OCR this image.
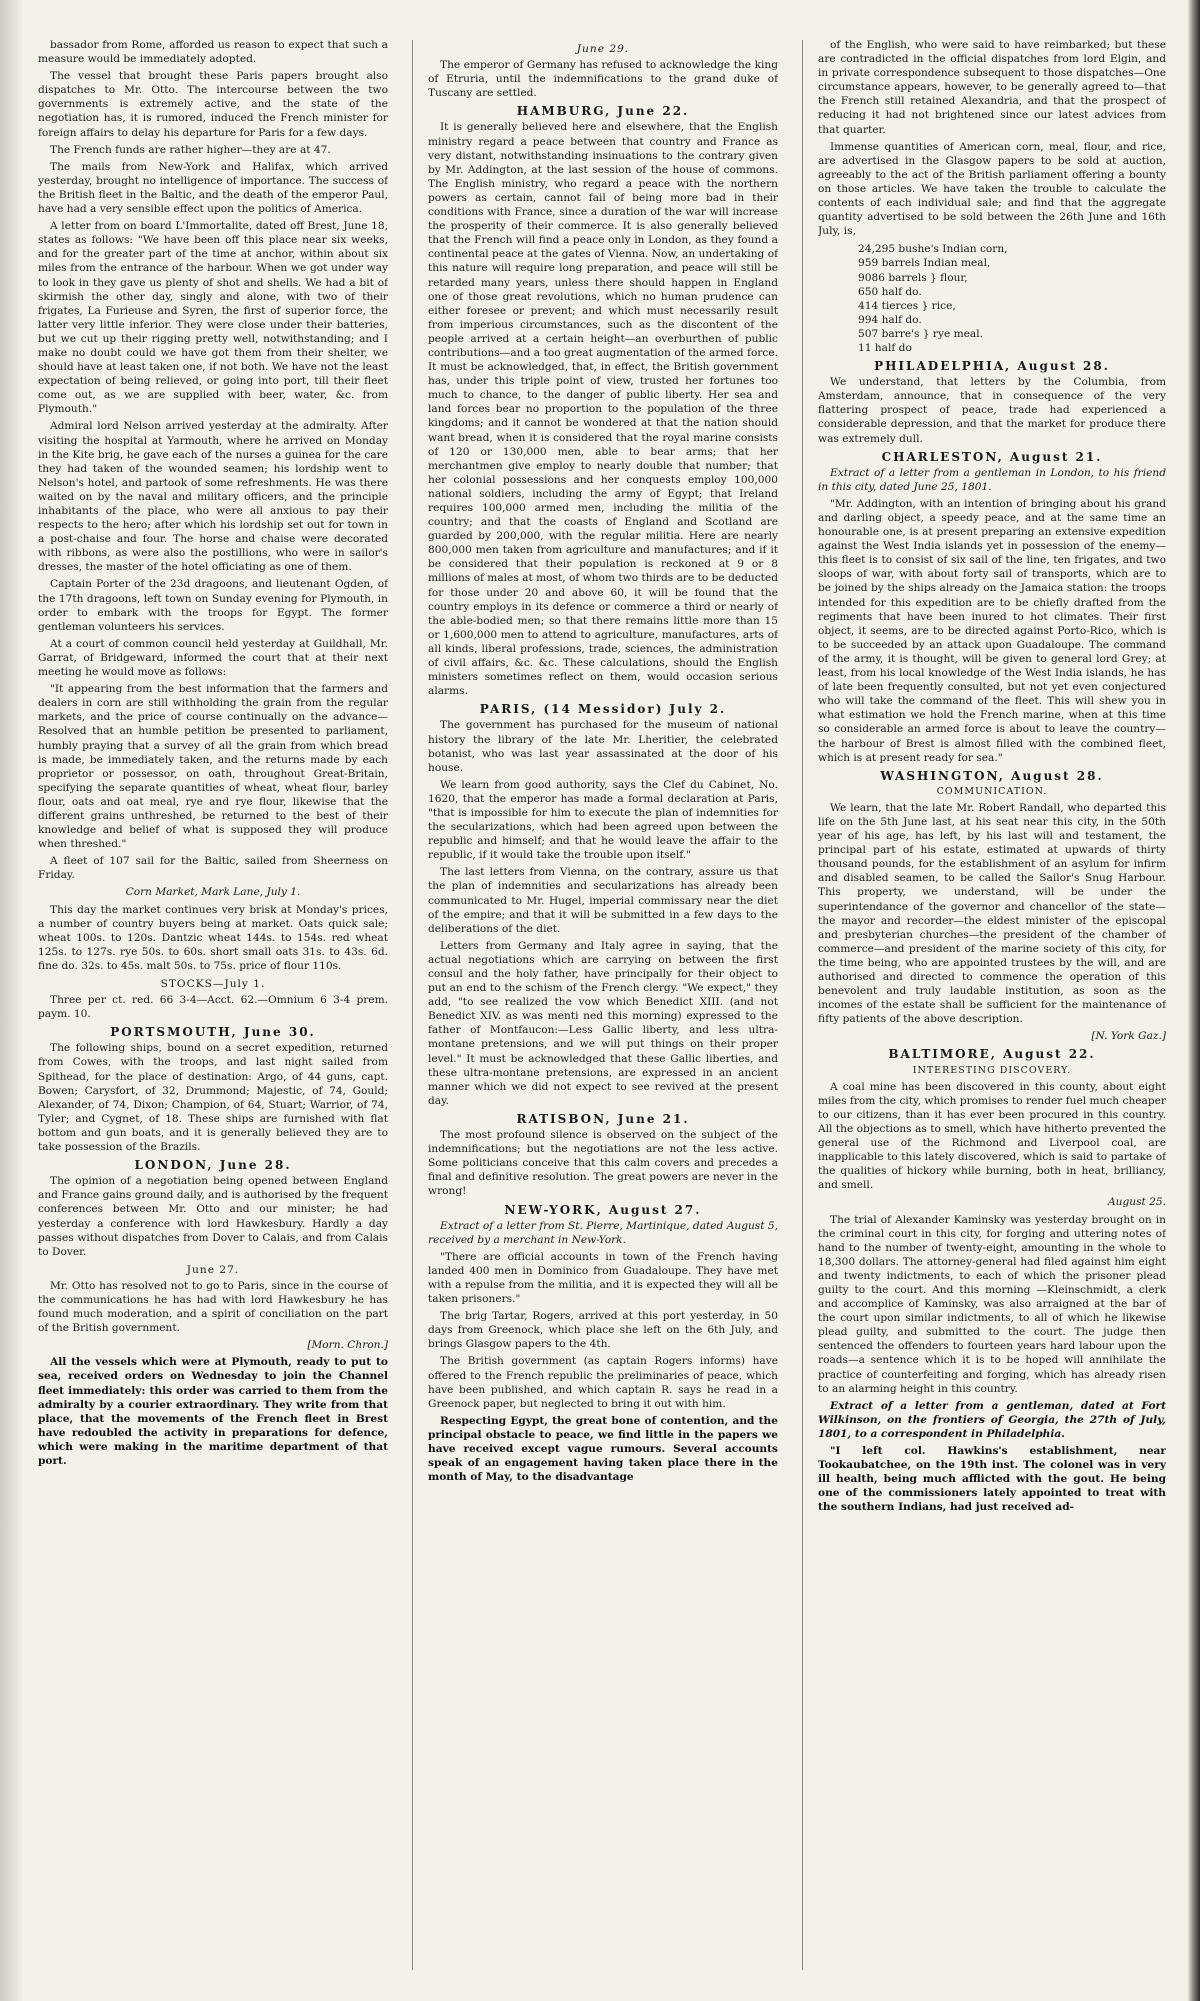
bassador from Rome, afforded us reason to expect that such a measure would be immediately adopted.

The vessel that brought these Paris papers brought also dispatches to Mr. Otto. The intercourse between the two governments is extremely active, and the state of the negotiation has, it is rumored, induced the French minister for foreign affairs to delay his departure for Paris for a few days.

The French funds are rather higher—they are at 47.

The mails from New-York and Halifax, which arrived yesterday, brought no intelligence of importance. The success of the British fleet in the Baltic, and the death of the emperor Paul, have had a very sensible effect upon the politics of America.

A letter from on board L'Immortalite, dated off Brest, June 18, states as follows: "We have been off this place near six weeks, and for the greater part of the time at anchor, within about six miles from the entrance of the harbour. When we got under way to look in they gave us plenty of shot and shells. We had a bit of skirmish the other day, singly and alone, with two of their frigates, La Furieuse and Syren, the first of superior force, the latter very little inferior. They were close under their batteries, but we cut up their rigging pretty well, notwithstanding; and I make no doubt could we have got them from their shelter, we should have at least taken one, if not both. We have not the least expectation of being relieved, or going into port, till their fleet come out, as we are supplied with beer, water, &c. from Plymouth."

Admiral lord Nelson arrived yesterday at the admiralty. After visiting the hospital at Yarmouth, where he arrived on Monday in the Kite brig, he gave each of the nurses a guinea for the care they had taken of the wounded seamen; his lordship went to Nelson's hotel, and partook of some refreshments. He was there waited on by the naval and military officers, and the principle inhabitants of the place, who were all anxious to pay their respects to the hero; after which his lordship set out for town in a post-chaise and four. The horse and chaise were decorated with ribbons, as were also the postillions, who were in sailor's dresses, the master of the hotel officiating as one of them.

Captain Porter of the 23d dragoons, and lieutenant Ogden, of the 17th dragoons, left town on Sunday evening for Plymouth, in order to embark with the troops for Egypt. The former gentleman volunteers his services.

At a court of common council held yesterday at Guildhall, Mr. Garrat, of Bridgeward, informed the court that at their next meeting he would move as follows:

"It appearing from the best information that the farmers and dealers in corn are still withholding the grain from the regular markets, and the price of course continually on the advance—Resolved that an humble petition be presented to parliament, humbly praying that a survey of all the grain from which bread is made, be immediately taken, and the returns made by each proprietor or possessor, on oath, throughout Great-Britain, specifying the separate quantities of wheat, wheat flour, barley flour, oats and oat meal, rye and rye flour, likewise that the different grains unthreshed, be returned to the best of their knowledge and belief of what is supposed they will produce when threshed."

A fleet of 107 sail for the Baltic, sailed from Sheerness on Friday.

Corn Market, Mark Lane, July 1.

This day the market continues very brisk at Monday's prices, a number of country buyers being at market. Oats quick sale; wheat 100s. to 120s. Dantzic wheat 144s. to 154s. red wheat 125s. to 127s. rye 50s. to 60s. short small oats 31s. to 43s. 6d. fine do. 32s. to 45s. malt 50s. to 75s. price of flour 110s.

STOCKS—July 1.

Three per ct. red. 66 3-4—Acct. 62.—Omnium 6 3-4 prem. paym. 10.

PORTSMOUTH, June 30.

The following ships, bound on a secret expedition, returned from Cowes, with the troops, and last night sailed from Spithead, for the place of destination: Argo, of 44 guns, capt. Bowen; Carysfort, of 32, Drummond; Majestic, of 74, Gould; Alexander, of 74, Dixon; Champion, of 64, Stuart; Warrior, of 74, Tyler; and Cygnet, of 18. These ships are furnished with flat bottom and gun boats, and it is generally believed they are to take possession of the Brazils.

LONDON, June 28.

The opinion of a negotiation being opened between England and France gains ground daily, and is authorised by the frequent conferences between Mr. Otto and our minister; he had yesterday a conference with lord Hawkesbury. Hardly a day passes without dispatches from Dover to Calais, and from Calais to Dover.

June 27.

Mr. Otto has resolved not to go to Paris, since in the course of the communications he has had with lord Hawkesbury he has found much moderation, and a spirit of conciliation on the part of the British government.

[Morn. Chron.]

All the vessels which were at Plymouth, ready to put to sea, received orders on Wednesday to join the Channel fleet immediately: this order was carried to them from the admiralty by a courier extraordinary. They write from that place, that the movements of the French fleet in Brest have redoubled the activity in preparations for defence, which were making in the maritime department of that port.

June 29.

The emperor of Germany has refused to acknowledge the king of Etruria, until the indemnifications to the grand duke of Tuscany are settled.

HAMBURG, June 22.

It is generally believed here and elsewhere, that the English ministry regard a peace between that country and France as very distant, notwithstanding insinuations to the contrary given by Mr. Addington, at the last session of the house of commons. The English ministry, who regard a peace with the northern powers as certain, cannot fail of being more bad in their conditions with France, since a duration of the war will increase the prosperity of their commerce. It is also generally believed that the French will find a peace only in London, as they found a continental peace at the gates of Vienna. Now, an undertaking of this nature will require long preparation, and peace will still be retarded many years, unless there should happen in England one of those great revolutions, which no human prudence can either foresee or prevent; and which must necessarily result from imperious circumstances, such as the discontent of the people arrived at a certain height—an overburthen of public contributions—and a too great augmentation of the armed force. It must be acknowledged, that, in effect, the British government has, under this triple point of view, trusted her fortunes too much to chance, to the danger of public liberty. Her sea and land forces bear no proportion to the population of the three kingdoms; and it cannot be wondered at that the nation should want bread, when it is considered that the royal marine consists of 120 or 130,000 men, able to bear arms; that her merchantmen give employ to nearly double that number; that her colonial possessions and her conquests employ 100,000 national soldiers, including the army of Egypt; that Ireland requires 100,000 armed men, including the militia of the country; and that the coasts of England and Scotland are guarded by 200,000, with the regular militia. Here are nearly 800,000 men taken from agriculture and manufactures; and if it be considered that their population is reckoned at 9 or 8 millions of males at most, of whom two thirds are to be deducted for those under 20 and above 60, it will be found that the country employs in its defence or commerce a third or nearly of the able-bodied men; so that there remains little more than 15 or 1,600,000 men to attend to agriculture, manufactures, arts of all kinds, liberal professions, trade, sciences, the administration of civil affairs, &c. &c. These calculations, should the English ministers sometimes reflect on them, would occasion serious alarms.

PARIS, (14 Messidor) July 2.

The government has purchased for the museum of national history the library of the late Mr. Lheritier, the celebrated botanist, who was last year assassinated at the door of his house.

We learn from good authority, says the Clef du Cabinet, No. 1620, that the emperor has made a formal declaration at Paris, "that is impossible for him to execute the plan of indemnities for the secularizations, which had been agreed upon between the republic and himself; and that he would leave the affair to the republic, if it would take the trouble upon itself."

The last letters from Vienna, on the contrary, assure us that the plan of indemnities and secularizations has already been communicated to Mr. Hugel, imperial commissary near the diet of the empire; and that it will be submitted in a few days to the deliberations of the diet.

Letters from Germany and Italy agree in saying, that the actual negotiations which are carrying on between the first consul and the holy father, have principally for their object to put an end to the schism of the French clergy. "We expect," they add, "to see realized the vow which Benedict XIII. (and not Benedict XIV. as was menti ned this morning) expressed to the father of Montfaucon:—Less Gallic liberty, and less ultra-montane pretensions, and we will put things on their proper level." It must be acknowledged that these Gallic liberties, and these ultra-montane pretensions, are expressed in an ancient manner which we did not expect to see revived at the present day.

RATISBON, June 21.

The most profound silence is observed on the subject of the indemnifications; but the negotiations are not the less active. Some politicians conceive that this calm covers and precedes a final and definitive resolution. The great powers are never in the wrong!

NEW-YORK, August 27.

Extract of a letter from St. Pierre, Martinique, dated August 5, received by a merchant in New-York.

"There are official accounts in town of the French having landed 400 men in Dominico from Guadaloupe. They have met with a repulse from the militia, and it is expected they will all be taken prisoners."

The brig Tartar, Rogers, arrived at this port yesterday, in 50 days from Greenock, which place she left on the 6th July, and brings Glasgow papers to the 4th.

The British government (as captain Rogers informs) have offered to the French republic the preliminaries of peace, which have been published, and which captain R. says he read in a Greenock paper, but neglected to bring it out with him.

Respecting Egypt, the great bone of contention, and the principal obstacle to peace, we find little in the papers we have received except vague rumours. Several accounts speak of an engagement having taken place there in the month of May, to the disadvantage

of the English, who were said to have reimbarked; but these are contradicted in the official dispatches from lord Elgin, and in private correspondence subsequent to those dispatches—One circumstance appears, however, to be generally agreed to—that the French still retained Alexandria, and that the prospect of reducing it had not brightened since our latest advices from that quarter.

Immense quantities of American corn, meal, flour, and rice, are advertised in the Glasgow papers to be sold at auction, agreeably to the act of the British parliament offering a bounty on those articles. We have taken the trouble to calculate the contents of each individual sale; and find that the aggregate quantity advertised to be sold between the 26th June and 16th July, is,

24,295 bushe's Indian corn,
959 barrels Indian meal,
9086 barrels } flour,
650 half do.
414 tierces } rice,
994 half do.
507 barre's } rye meal.
11 half do

PHILADELPHIA, August 28.

We understand, that letters by the Columbia, from Amsterdam, announce, that in consequence of the very flattering prospect of peace, trade had experienced a considerable depression, and that the market for produce there was extremely dull.

CHARLESTON, August 21.

Extract of a letter from a gentleman in London, to his friend in this city, dated June 25, 1801.

"Mr. Addington, with an intention of bringing about his grand and darling object, a speedy peace, and at the same time an honourable one, is at present preparing an extensive expedition against the West India islands yet in possession of the enemy—this fleet is to consist of six sail of the line, ten frigates, and two sloops of war, with about forty sail of transports, which are to be joined by the ships already on the Jamaica station: the troops intended for this expedition are to be chiefly drafted from the regiments that have been inured to hot climates. Their first object, it seems, are to be directed against Porto-Rico, which is to be succeeded by an attack upon Guadaloupe. The command of the army, it is thought, will be given to general lord Grey; at least, from his local knowledge of the West India islands, he has of late been frequently consulted, but not yet even conjectured who will take the command of the fleet. This will shew you in what estimation we hold the French marine, when at this time so considerable an armed force is about to leave the country—the harbour of Brest is almost filled with the combined fleet, which is at present ready for sea."

WASHINGTON, August 28.

COMMUNICATION.

We learn, that the late Mr. Robert Randall, who departed this life on the 5th June last, at his seat near this city, in the 50th year of his age, has left, by his last will and testament, the principal part of his estate, estimated at upwards of thirty thousand pounds, for the establishment of an asylum for infirm and disabled seamen, to be called the Sailor's Snug Harbour. This property, we understand, will be under the superintendance of the governor and chancellor of the state—the mayor and recorder—the eldest minister of the episcopal and presbyterian churches—the president of the chamber of commerce—and president of the marine society of this city, for the time being, who are appointed trustees by the will, and are authorised and directed to commence the operation of this benevolent and truly laudable institution, as soon as the incomes of the estate shall be sufficient for the maintenance of fifty patients of the above description.

[N. York Gaz.]

BALTIMORE, August 22.

INTERESTING DISCOVERY.

A coal mine has been discovered in this county, about eight miles from the city, which promises to render fuel much cheaper to our citizens, than it has ever been procured in this country. All the objections as to smell, which have hitherto prevented the general use of the Richmond and Liverpool coal, are inapplicable to this lately discovered, which is said to partake of the qualities of hickory while burning, both in heat, brilliancy, and smell.

August 25.

The trial of Alexander Kaminsky was yesterday brought on in the criminal court in this city, for forging and uttering notes of hand to the number of twenty-eight, amounting in the whole to 18,300 dollars. The attorney-general had filed against him eight and twenty indictments, to each of which the prisoner plead guilty to the court. And this morning —Kleinschmidt, a clerk and accomplice of Kaminsky, was also arraigned at the bar of the court upon similar indictments, to all of which he likewise plead guilty, and submitted to the court. The judge then sentenced the offenders to fourteen years hard labour upon the roads—a sentence which it is to be hoped will annihilate the practice of counterfeiting and forging, which has already risen to an alarming height in this country.

Extract of a letter from a gentleman, dated at Fort Wilkinson, on the frontiers of Georgia, the 27th of July, 1801, to a correspondent in Philadelphia.

"I left col. Hawkins's establishment, near Tookaubatchee, on the 19th inst. The colonel was in very ill health, being much afflicted with the gout. He being one of the commissioners lately appointed to treat with the southern Indians, had just received ad-
